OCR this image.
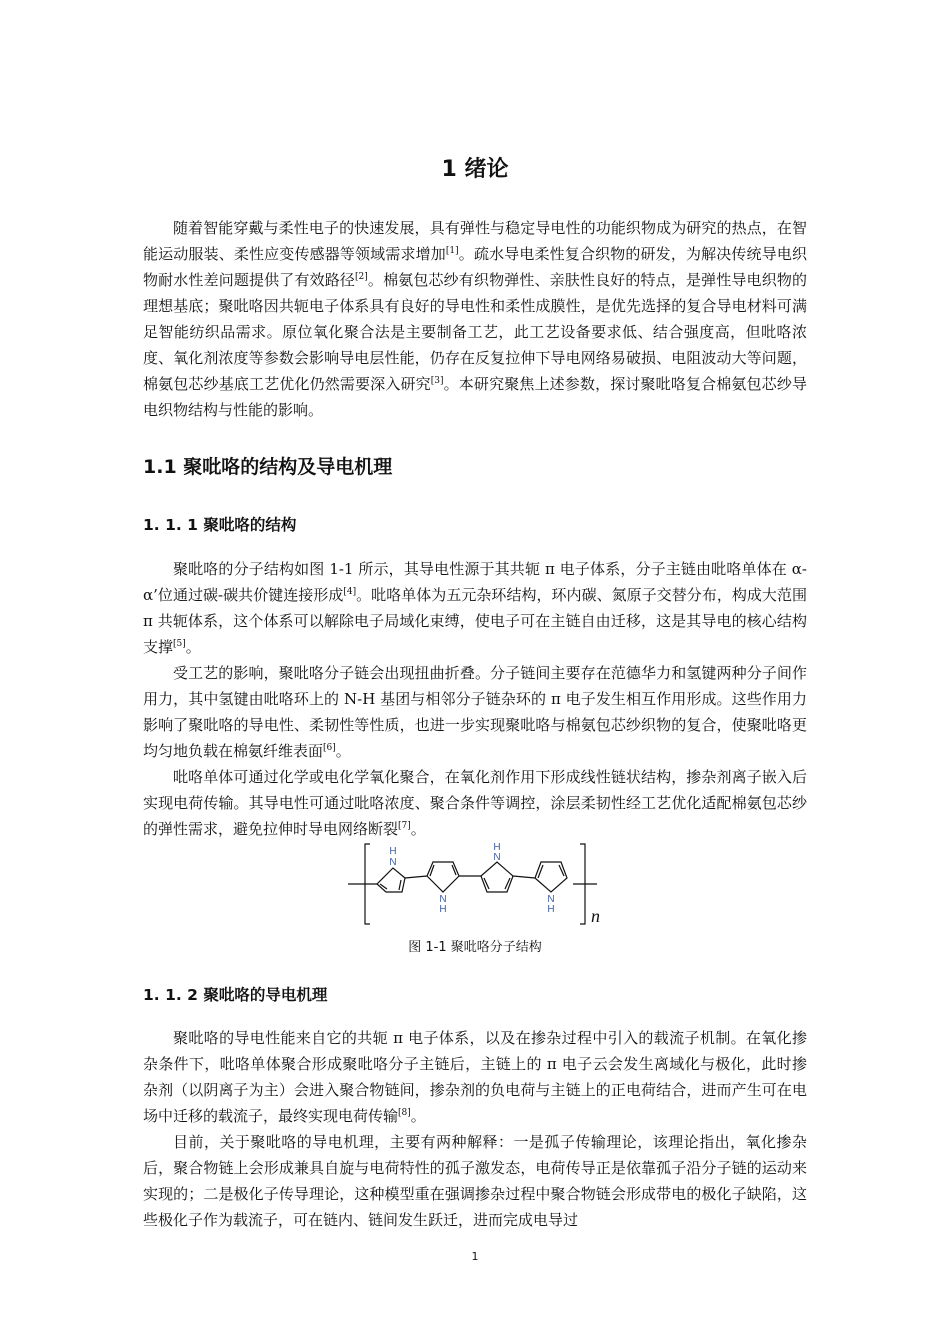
1 绪论

随着智能穿戴与柔性电子的快速发展，具有弹性与稳定导电性的功能织物成为研究的热点，在智能运动服装、柔性应变传感器等领域需求增加[1]。疏水导电柔性复合织物的研发，为解决传统导电织物耐水性差问题提供了有效路径[2]。棉氨包芯纱有织物弹性、亲肤性良好的特点，是弹性导电织物的理想基底；聚吡咯因共轭电子体系具有良好的导电性和柔性成膜性，是优先选择的复合导电材料可满足智能纺织品需求。原位氧化聚合法是主要制备工艺，此工艺设备要求低、结合强度高，但吡咯浓度、氧化剂浓度等参数会影响导电层性能，仍存在反复拉伸下导电网络易破损、电阻波动大等问题，棉氨包芯纱基底工艺优化仍然需要深入研究[3]。本研究聚焦上述参数，探讨聚吡咯复合棉氨包芯纱导电织物结构与性能的影响。

1.1 聚吡咯的结构及导电机理
1. 1. 1 聚吡咯的结构

聚吡咯的分子结构如图 1-1 所示，其导电性源于其共轭 π 电子体系，分子主链由吡咯单体在 α-α’位通过碳-碳共价键连接形成[4]。吡咯单体为五元杂环结构，环内碳、氮原子交替分布，构成大范围 π 共轭体系，这个体系可以解除电子局域化束缚，使电子可在主链自由迁移，这是其导电的核心结构支撑[5]。

受工艺的影响，聚吡咯分子链会出现扭曲折叠。分子链间主要存在范德华力和氢键两种分子间作用力，其中氢键由吡咯环上的 N-H 基团与相邻分子链杂环的 π 电子发生相互作用形成。这些作用力影响了聚吡咯的导电性、柔韧性等性质，也进一步实现聚吡咯与棉氨包芯纱织物的复合，使聚吡咯更均匀地负载在棉氨纤维表面[6]。

吡咯单体可通过化学或电化学氧化聚合，在氧化剂作用下形成线性链状结构，掺杂剂离子嵌入后实现电荷传输。其导电性可通过吡咯浓度、聚合条件等调控，涂层柔韧性经工艺优化适配棉氨包芯纱的弹性需求，避免拉伸时导电网络断裂[7]。

H
N
N
H
H
N
N
H n
图 1-1 聚吡咯分子结构
1. 1. 2 聚吡咯的导电机理

聚吡咯的导电性能来自它的共轭 π 电子体系，以及在掺杂过程中引入的载流子机制。在氧化掺杂条件下，吡咯单体聚合形成聚吡咯分子主链后，主链上的 π 电子云会发生离域化与极化，此时掺杂剂（以阴离子为主）会进入聚合物链间，掺杂剂的负电荷与主链上的正电荷结合，进而产生可在电场中迁移的载流子，最终实现电荷传输[8]。

目前，关于聚吡咯的导电机理，主要有两种解释：一是孤子传输理论，该理论指出，氧化掺杂后，聚合物链上会形成兼具自旋与电荷特性的孤子激发态，电荷传导正是依靠孤子沿分子链的运动来实现的；二是极化子传导理论，这种模型重在强调掺杂过程中聚合物链会形成带电的极化子缺陷，这些极化子作为载流子，可在链内、链间发生跃迁，进而完成电导过

1
